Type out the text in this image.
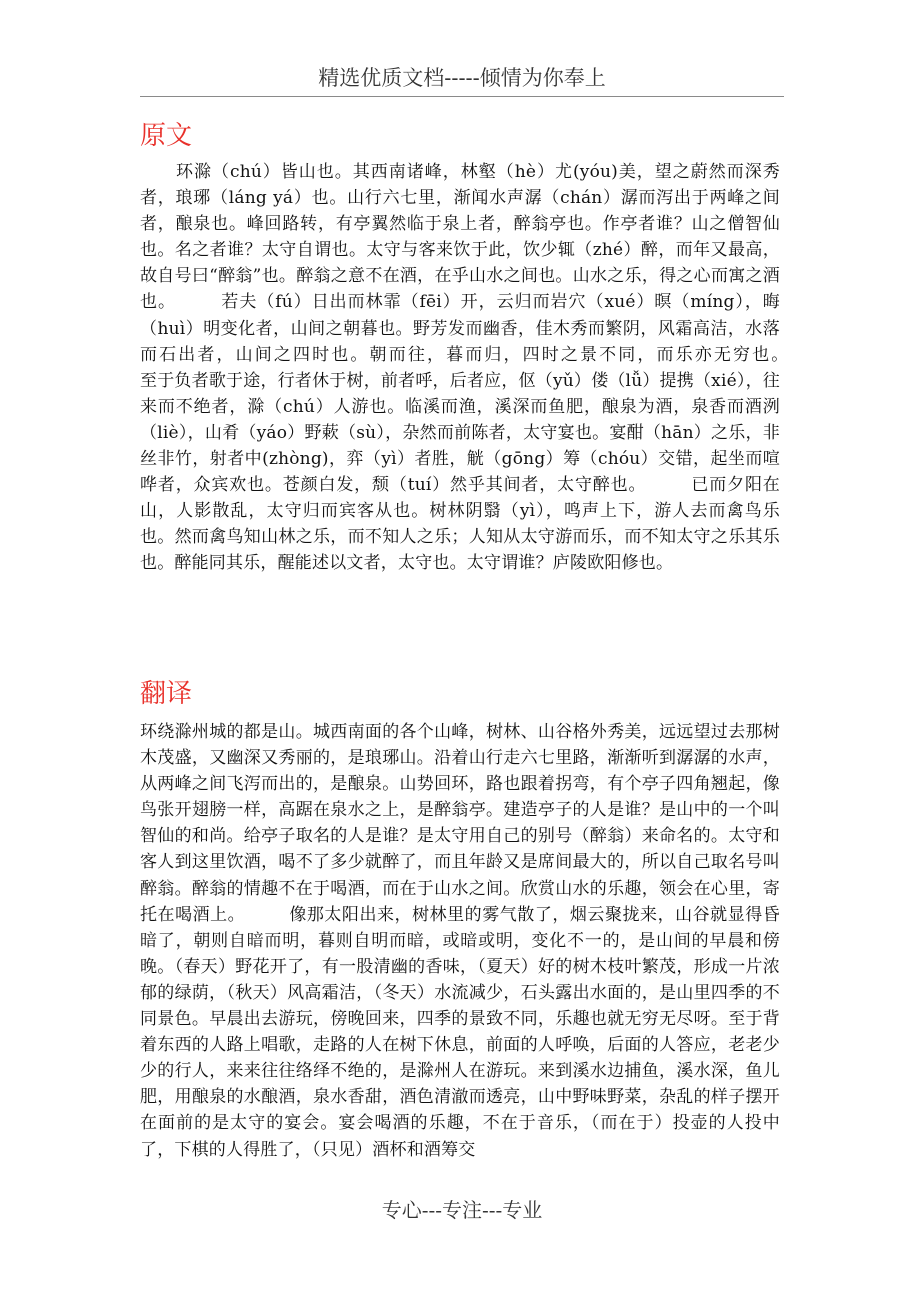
精选优质文档-----倾情为你奉上
原文

环滁（chú）皆山也。其西南诸峰，林壑（hè）尤(yóu)美，望之蔚然而深秀者，琅琊（láng yá）也。山行六七里，渐闻水声潺（chán）潺而泻出于两峰之间者，酿泉也。峰回路转，有亭翼然临于泉上者，醉翁亭也。作亭者谁？山之僧智仙也。名之者谁？太守自谓也。太守与客来饮于此，饮少辄（zhé）醉，而年又最高，故自号曰“醉翁”也。醉翁之意不在酒，在乎山水之间也。山水之乐，得之心而寓之酒也。　　　若夫（fú）日出而林霏（fēi）开，云归而岩穴（xué）暝（míng），晦（huì）明变化者，山间之朝暮也。野芳发而幽香，佳木秀而繁阴，风霜高洁，水落而石出者，山间之四时也。朝而往，暮而归，四时之景不同，而乐亦无穷也。　　　至于负者歌于途，行者休于树，前者呼，后者应，伛（yǔ）偻（lǚ）提携（xié），往来而不绝者，滁（chú）人游也。临溪而渔，溪深而鱼肥，酿泉为酒，泉香而酒洌（liè），山肴（yáo）野蔌（sù），杂然而前陈者，太守宴也。宴酣（hān）之乐，非丝非竹，射者中(zhòng)，弈（yì）者胜，觥（gōng）筹（chóu）交错，起坐而喧哗者，众宾欢也。苍颜白发，颓（tuí）然乎其间者，太守醉也。　　　已而夕阳在山，人影散乱，太守归而宾客从也。树林阴翳（yì），鸣声上下，游人去而禽鸟乐也。然而禽鸟知山林之乐，而不知人之乐；人知从太守游而乐，而不知太守之乐其乐也。醉能同其乐，醒能述以文者，太守也。太守谓谁？庐陵欧阳修也。

翻译

环绕滁州城的都是山。城西南面的各个山峰，树林、山谷格外秀美，远远望过去那树木茂盛，又幽深又秀丽的，是琅琊山。沿着山行走六七里路，渐渐听到潺潺的水声，从两峰之间飞泻而出的，是酿泉。山势回环，路也跟着拐弯，有个亭子四角翘起，像鸟张开翅膀一样，高踞在泉水之上，是醉翁亭。建造亭子的人是谁？是山中的一个叫智仙的和尚。给亭子取名的人是谁？是太守用自己的别号（醉翁）来命名的。太守和客人到这里饮酒，喝不了多少就醉了，而且年龄又是席间最大的，所以自己取名号叫醉翁。醉翁的情趣不在于喝酒，而在于山水之间。欣赏山水的乐趣，领会在心里，寄托在喝酒上。　　　像那太阳出来，树林里的雾气散了，烟云聚拢来，山谷就显得昏暗了，朝则自暗而明，暮则自明而暗，或暗或明，变化不一的，是山间的早晨和傍晚。（春天）野花开了，有一股清幽的香味，（夏天）好的树木枝叶繁茂，形成一片浓郁的绿荫，（秋天）风高霜洁，（冬天）水流减少，石头露出水面的，是山里四季的不同景色。早晨出去游玩，傍晚回来，四季的景致不同，乐趣也就无穷无尽呀。至于背着东西的人路上唱歌，走路的人在树下休息，前面的人呼唤，后面的人答应，老老少少的行人，来来往往络绎不绝的，是滁州人在游玩。来到溪水边捕鱼，溪水深，鱼儿肥，用酿泉的水酿酒，泉水香甜，酒色清澈而透亮，山中野味野菜，杂乱的样子摆开在面前的是太守的宴会。宴会喝酒的乐趣，不在于音乐，（而在于）投壶的人投中了，下棋的人得胜了，（只见）酒杯和酒筹交

专心---专注---专业
